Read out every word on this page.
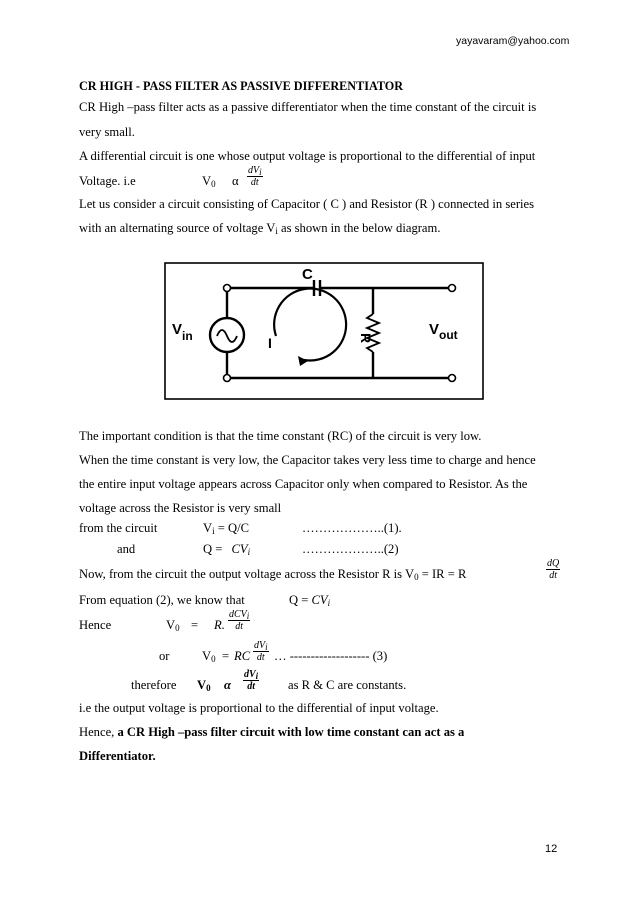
yayavaram@yahoo.com
CR HIGH - PASS FILTER AS PASSIVE DIFFERENTIATOR
CR High –pass filter acts as a passive differentiator when the time constant of the circuit is
very small.
A differential circuit is one whose output voltage is proportional to the differential of input
Voltage. i.e	$V_0$ α
$dV_i$
dt
Let us consider a circuit consisting of Capacitor ( C ) and Resistor (R ) connected in series
with an alternating source of voltage $V_i$ as shown in the below diagram.
C
$V_{in}$	I	R	$V_{out}$
The important condition is that the time constant (RC) of the circuit is very low.
When the time constant is very low, the Capacitor takes very less time to charge and hence
the entire input voltage appears across Capacitor only when compared to Resistor. As the
voltage across the Resistor is very small
from the circuit	$V_i = Q/C$	………………..(1).
and	$Q = CV_i$	………………..(2)
Now, from the circuit the output voltage across the Resistor R is $V_0$ = IR = R	$\frac{dQ}{dt}$
From equation (2), we know that	$Q = CV_i$
Hence	$V_0 = R$.
dCV$_i$
dt
or	$V_0$ = RC
$dV_i$
dt … ------------------- (3)
therefore $V_0$ α
$dV_i$
dt	as R & C are constants.
i.e the output voltage is proportional to the differential of input voltage.
Hence, a CR High –pass filter circuit with low time constant can act as a
Differentiator.
12
